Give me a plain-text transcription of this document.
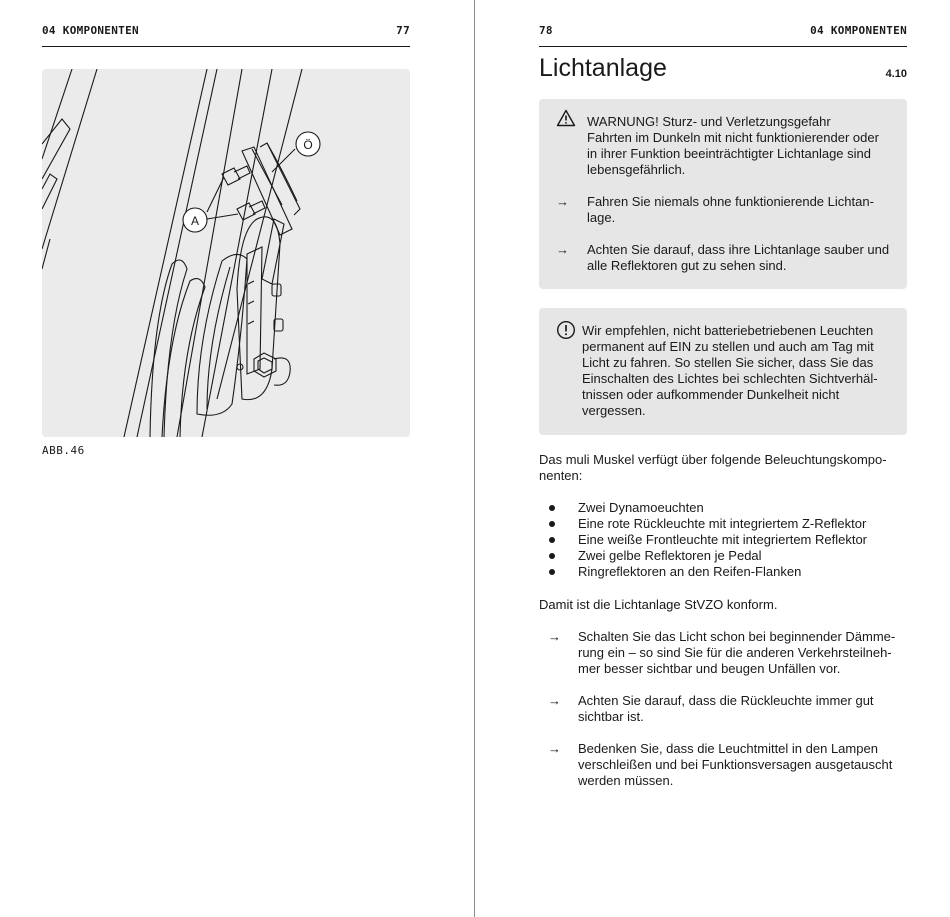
04 KOMPONENTEN	77
A
Ö
ABB.46
78	04 KOMPONENTEN
Lichtanlage	4.10

WARNUNG! Sturz- und Verletzungsgefahr

Fahrten im Dunkeln mit nicht funktionierender oder

in ihrer Funktion beeinträchtigter Lichtanlage sind

lebensgefährlich.

→ Fahren Sie niemals ohne funktionierende Lichtan-

lage.

→ Achten Sie darauf, dass ihre Lichtanlage sauber und

alle Reflektoren gut zu sehen sind.

Wir empfehlen, nicht batteriebetriebenen Leuchten

permanent auf EIN zu stellen und auch am Tag mit

Licht zu fahren. So stellen Sie sicher, dass Sie das

Einschalten des Lichtes bei schlechten Sichtverhäl-

tnissen oder aufkommender Dunkelheit nicht

vergessen.

Das muli Muskel verfügt über folgende Beleuchtungskompo-

nenten:

Zwei Dynamoeuchten
Eine rote Rückleuchte mit integriertem Z-Reflektor
Eine weiße Frontleuchte mit integriertem Reflektor
Zwei gelbe Reflektoren je Pedal
Ringreflektoren an den Reifen-Flanken

Damit ist die Lichtanlage StVZO konform.

→ Schalten Sie das Licht schon bei beginnender Dämme-

rung ein – so sind Sie für die anderen Verkehrsteilneh-

mer besser sichtbar und beugen Unfällen vor.

→ Achten Sie darauf, dass die Rückleuchte immer gut

sichtbar ist.

→ Bedenken Sie, dass die Leuchtmittel in den Lampen

verschleißen und bei Funktionsversagen ausgetauscht

werden müssen.
